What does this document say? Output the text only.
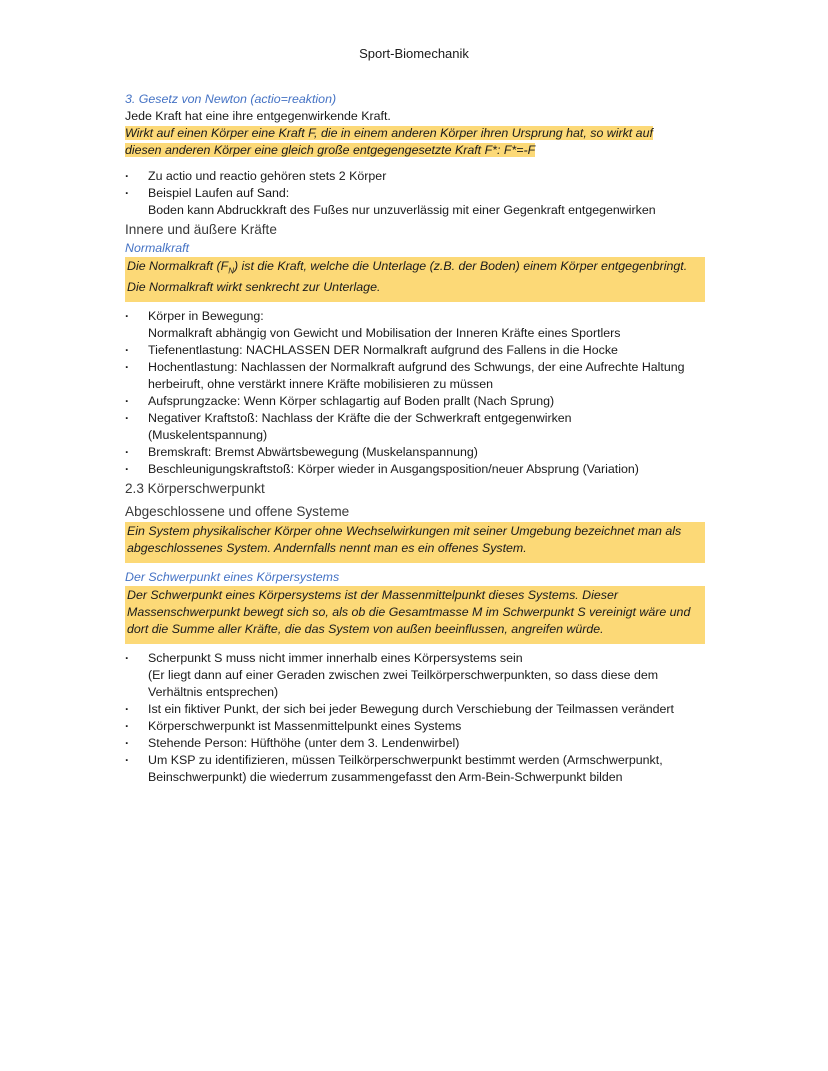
Sport-Biomechanik
3. Gesetz von Newton (actio=reaktion)

Jede Kraft hat eine ihre entgegenwirkende Kraft.

Wirkt auf einen Körper eine Kraft F, die in einem anderen Körper ihren Ursprung hat, so wirkt auf
diesen anderen Körper eine gleich große entgegengesetzte Kraft F*: F*=-F
· Zu actio und reactio gehören stets 2 Körper
· Beispiel Laufen auf Sand:
Boden kann Abdruckkraft des Fußes nur unzuverlässig mit einer Gegenkraft entgegenwirken
Innere und äußere Kräfte
Normalkraft
Die Normalkraft $(F_N)$ ist die Kraft, welche die Unterlage (z.B. der Boden) einem Körper entgegenbringt.
Die Normalkraft wirkt senkrecht zur Unterlage.
· Körper in Bewegung:
Normalkraft abhängig von Gewicht und Mobilisation der Inneren Kräfte eines Sportlers
· Tiefenentlastung: NACHLASSEN DER Normalkraft aufgrund des Fallens in die Hocke
· Hochentlastung: Nachlassen der Normalkraft aufgrund des Schwungs, der eine Aufrechte Haltung
herbeiruft, ohne verstärkt innere Kräfte mobilisieren zu müssen
· Aufsprungzacke: Wenn Körper schlagartig auf Boden prallt (Nach Sprung)
· Negativer Kraftstoß: Nachlass der Kräfte die der Schwerkraft entgegenwirken
(Muskelentspannung)
· Bremskraft: Bremst Abwärtsbewegung (Muskelanspannung)
· Beschleunigungskraftstoß: Körper wieder in Ausgangsposition/neuer Absprung (Variation)
2.3 Körperschwerpunkt
Abgeschlossene und offene Systeme
Ein System physikalischer Körper ohne Wechselwirkungen mit seiner Umgebung bezeichnet man als
abgeschlossenes System. Andernfalls nennt man es ein offenes System.
Der Schwerpunkt eines Körpersystems
Der Schwerpunkt eines Körpersystems ist der Massenmittelpunkt dieses Systems. Dieser
Massenschwerpunkt bewegt sich so, als ob die Gesamtmasse M im Schwerpunkt S vereinigt wäre und
dort die Summe aller Kräfte, die das System von außen beeinflussen, angreifen würde.
· Scherpunkt S muss nicht immer innerhalb eines Körpersystems sein
(Er liegt dann auf einer Geraden zwischen zwei Teilkörperschwerpunkten, so dass diese dem
Verhältnis entsprechen)
· Ist ein fiktiver Punkt, der sich bei jeder Bewegung durch Verschiebung der Teilmassen verändert
· Körperschwerpunkt ist Massenmittelpunkt eines Systems
· Stehende Person: Hüfthöhe (unter dem 3. Lendenwirbel)
· Um KSP zu identifizieren, müssen Teilkörperschwerpunkt bestimmt werden (Armschwerpunkt,
Beinschwerpunkt) die wiederrum zusammengefasst den Arm-Bein-Schwerpunkt bilden
